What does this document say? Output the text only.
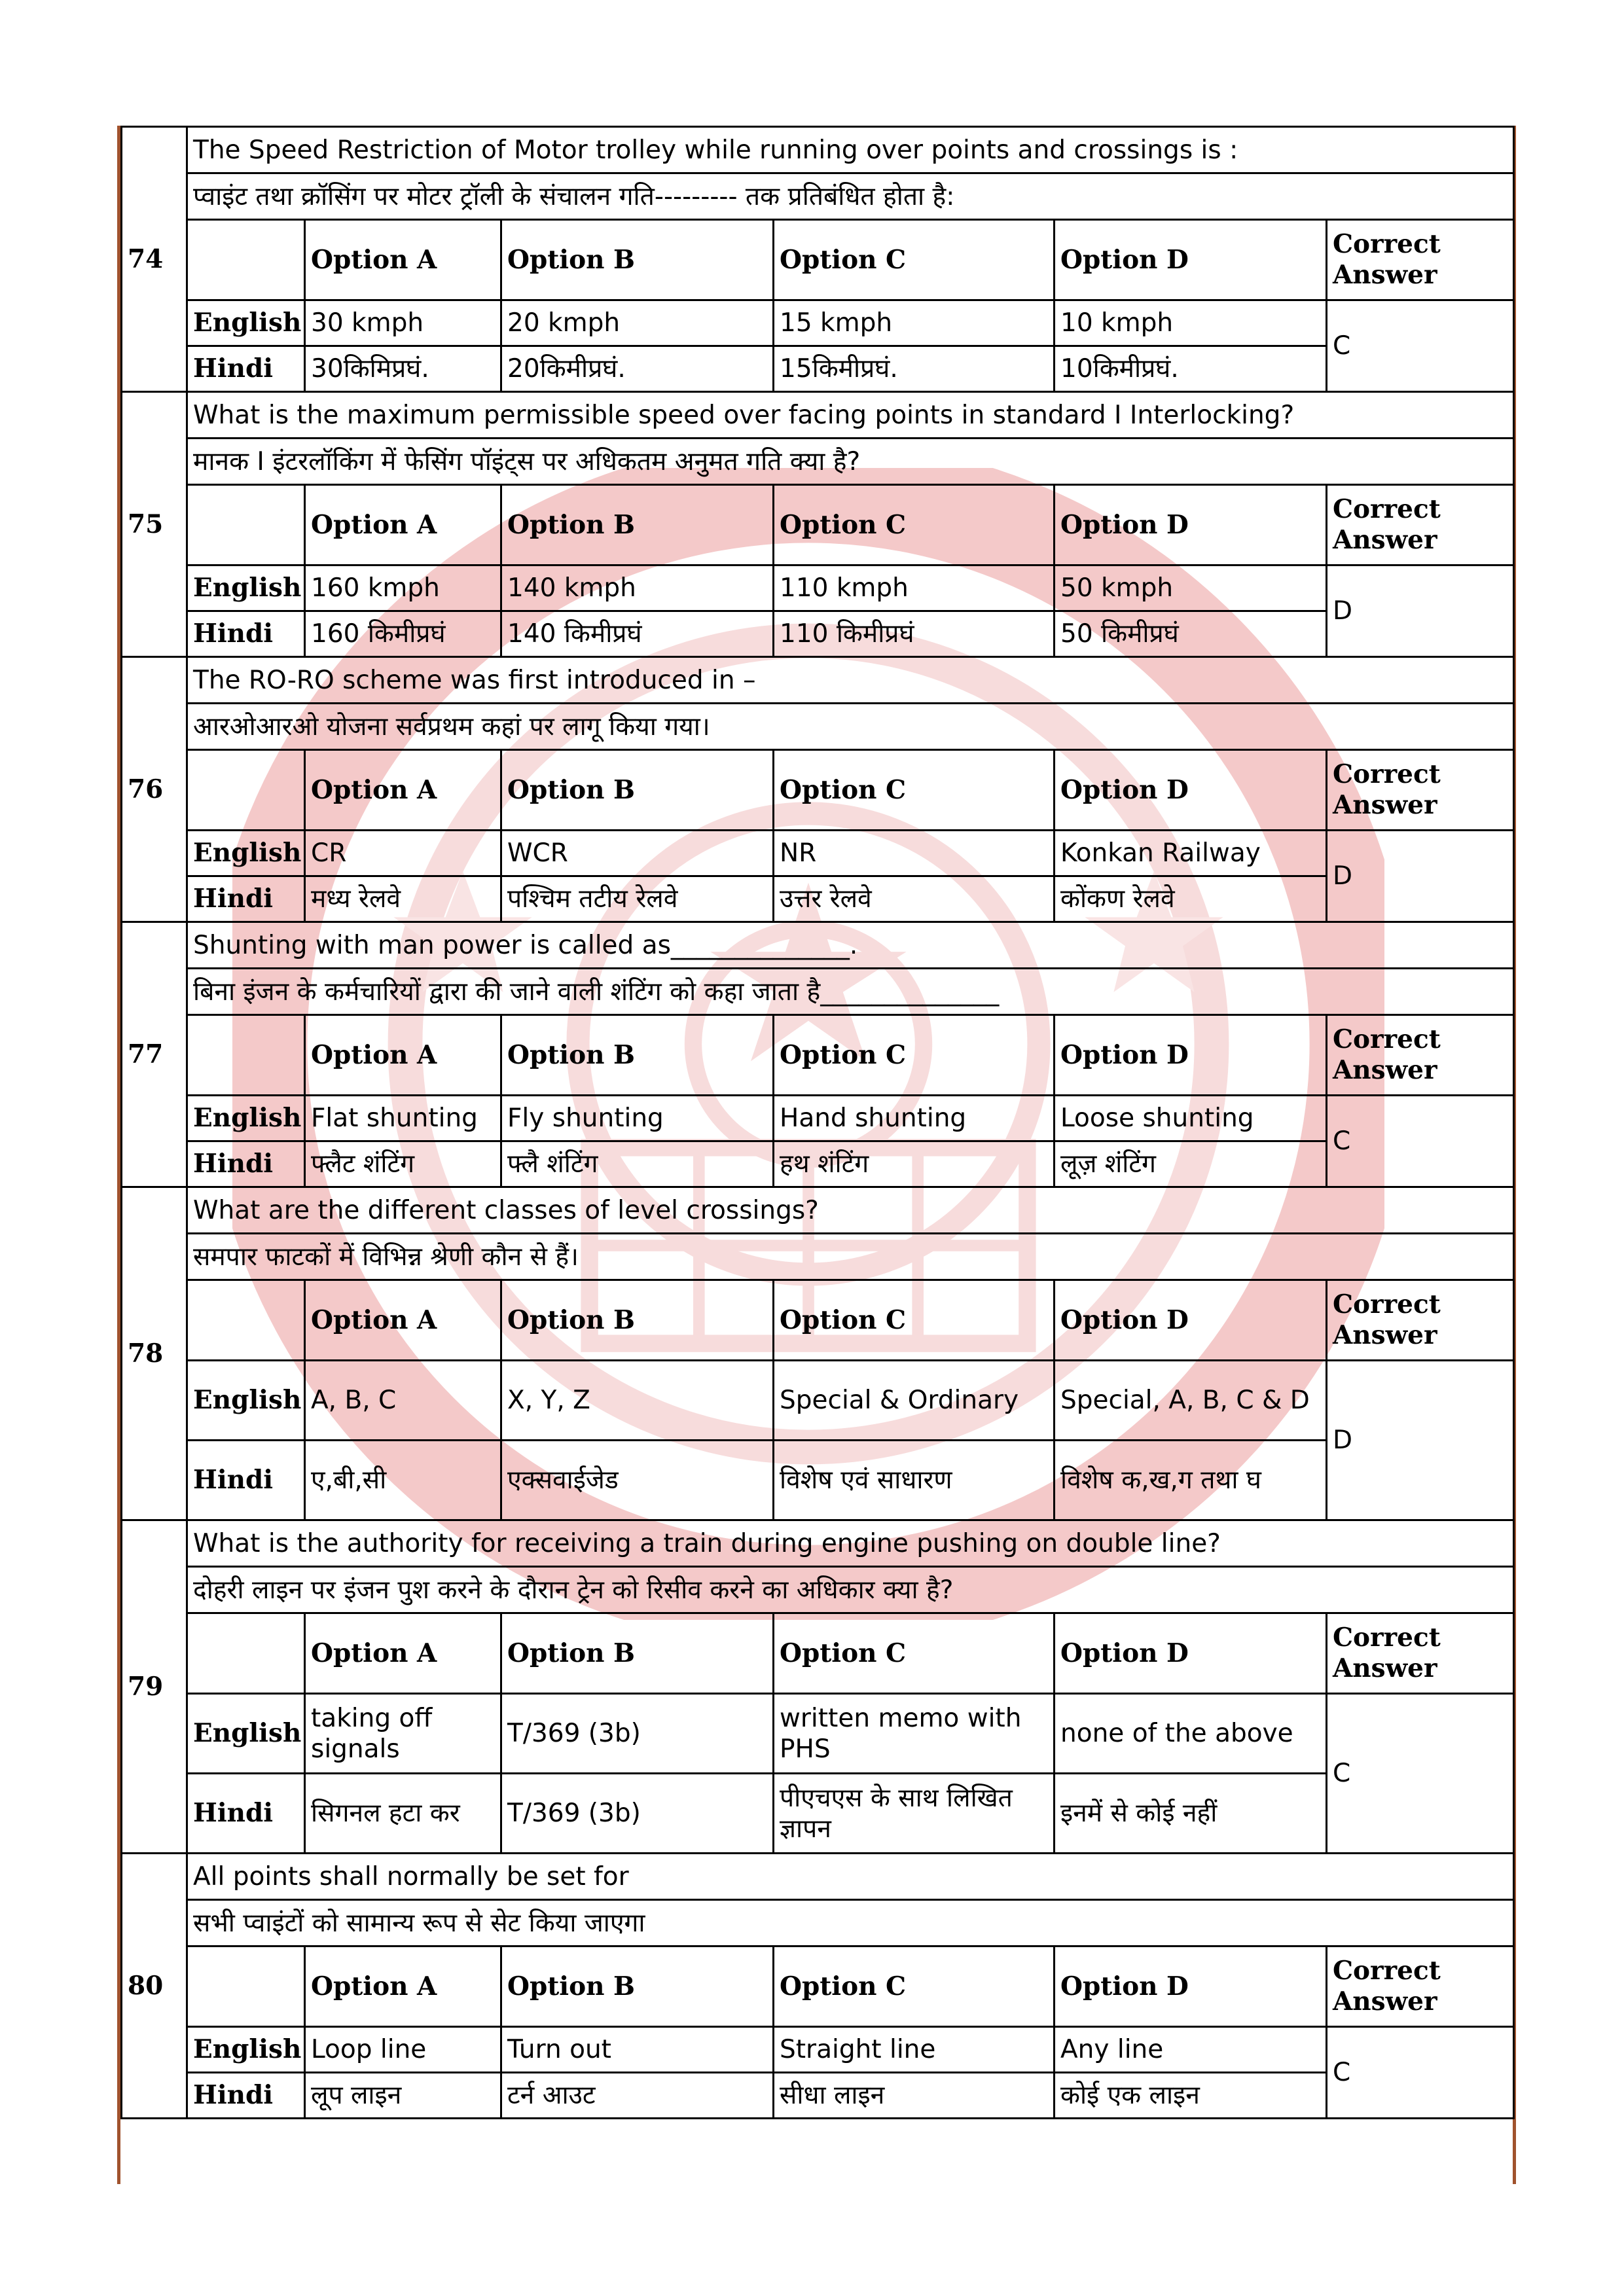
74	The Speed Restriction of Motor trolley while running over points and crossings is :					
	प्वाइंट तथा क्रॉसिंग पर मोटर ट्रॉली के संचालन गति--------- तक प्रतिबंधित होता है:					
		Option A	Option B	Option C	Option D	Correct Answer
	English	30 kmph	20 kmph	15 kmph	10 kmph	C
	Hindi	30किमिप्रघं.	20किमीप्रघं.	15किमीप्रघं.	10किमीप्रघं.	
75	What is the maximum permissible speed over facing points in standard I Interlocking?					
	मानक I इंटरलॉकिंग में फेसिंग पॉइंट्स पर अधिकतम अनुमत गति क्या है?					
		Option A	Option B	Option C	Option D	Correct Answer
	English	160 kmph	140 kmph	110 kmph	50 kmph	D
	Hindi	160 किमीप्रघं	140 किमीप्रघं	110 किमीप्रघं	50 किमीप्रघं	
76	The RO-RO scheme was first introduced in –					
	आरओआरओ योजना सर्वप्रथम कहां पर लागू किया गया।					
		Option A	Option B	Option C	Option D	Correct Answer
	English	CR	WCR	NR	Konkan Railway	D
	Hindi	मध्य रेलवे	पश्चिम तटीय रेलवे	उत्तर रेलवे	कोंकण रेलवे	
77	Shunting with man power is called as______________.					
	बिना इंजन के कर्मचारियों द्वारा की जाने वाली शंटिंग को कहा जाता है______________					
		Option A	Option B	Option C	Option D	Correct Answer
	English	Flat shunting	Fly shunting	Hand shunting	Loose shunting	C
	Hindi	फ्लैट शंटिंग	फ्लै शंटिंग	हथ शंटिंग	लूज़ शंटिंग	
78	What are the different classes of level crossings?					
	समपार फाटकों में विभिन्न श्रेणी कौन से हैं।					
		Option A	Option B	Option C	Option D	Correct Answer
	English	A, B, C	X, Y, Z	Special & Ordinary	Special, A, B, C & D	D
	Hindi	ए,बी,सी	एक्सवाईजेड	विशेष एवं साधारण	विशेष क,ख,ग तथा घ	
79	What is the authority for receiving a train during engine pushing on double line?					
	दोहरी लाइन पर इंजन पुश करने के दौरान ट्रेन को रिसीव करने का अधिकार क्या है?					
		Option A	Option B	Option C	Option D	Correct Answer
	English	taking off signals	T/369 (3b)	written memo with PHS	none of the above	C
	Hindi	सिगनल हटा कर	T/369 (3b)	पीएचएस के साथ लिखित ज्ञापन	इनमें से कोई नहीं	
80	All points shall normally be set for					
	सभी प्वाइंटों को सामान्य रूप से सेट किया जाएगा					
		Option A	Option B	Option C	Option D	Correct Answer
	English	Loop line	Turn out	Straight line	Any line	C
	Hindi	लूप लाइन	टर्न आउट	सीधा लाइन	कोई एक लाइन	
